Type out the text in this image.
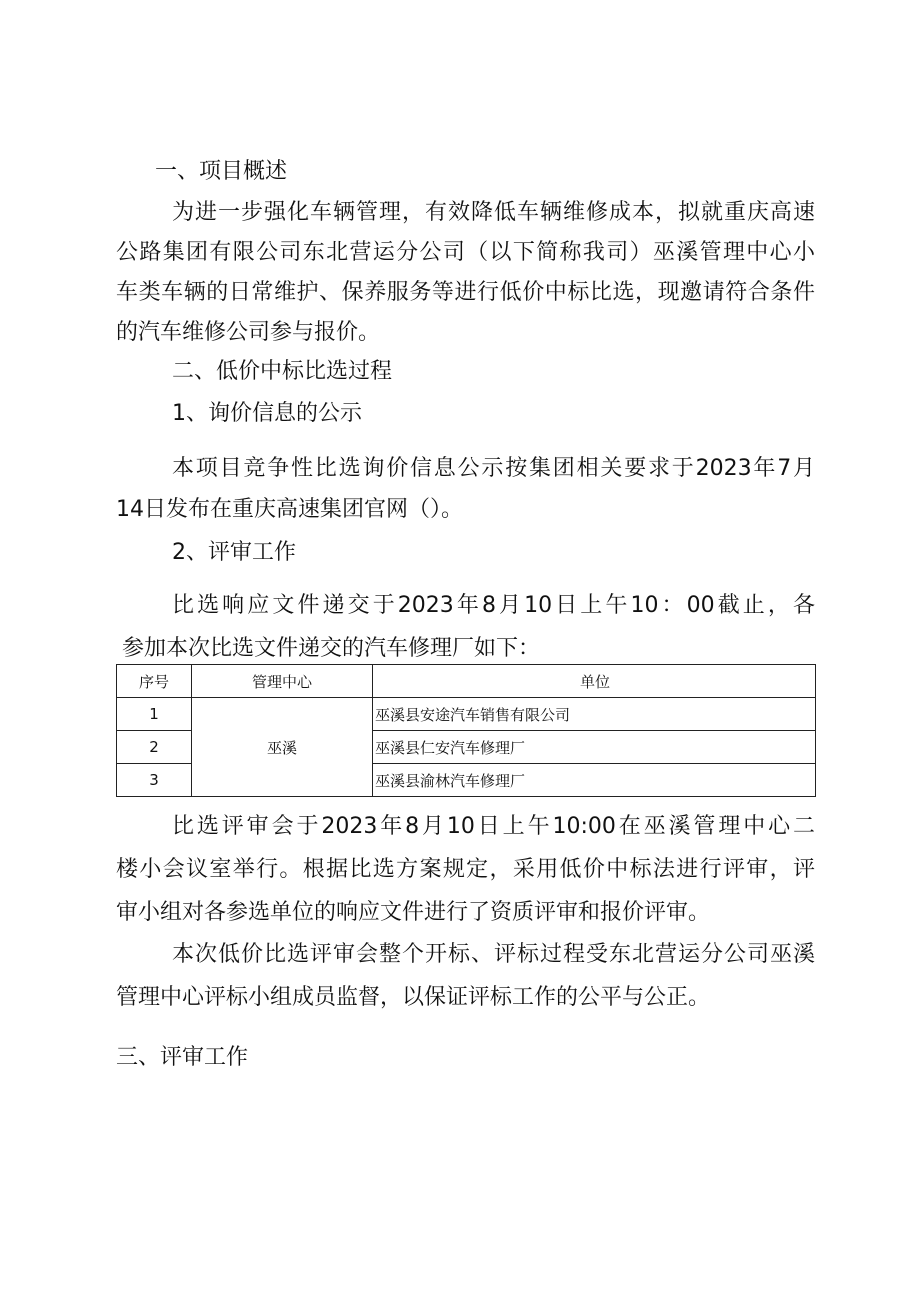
一、项目概述

为进一步强化车辆管理，有效降低车辆维修成本，拟就重庆高速

公路集团有限公司东北营运分公司（以下简称我司）巫溪管理中心小

车类车辆的日常维护、保养服务等进行低价中标比选，现邀请符合条件

的汽车维修公司参与报价。

二、低价中标比选过程

1、询价信息的公示

本项目竞争性比选询价信息公示按集团相关要求于2023年7月

14日发布在重庆高速集团官网（）。

2、评审工作

比选响应文件递交于2023年8月10日上午10：00截止，各

参加本次比选文件递交的汽车修理厂如下：

序号	管理中心	单位
1	巫溪	巫溪县安途汽车销售有限公司
2		巫溪县仁安汽车修理厂
3		巫溪县渝林汽车修理厂

比选评审会于2023年8月10日上午10:00在巫溪管理中心二

楼小会议室举行。根据比选方案规定，采用低价中标法进行评审，评

审小组对各参选单位的响应文件进行了资质评审和报价评审。

本次低价比选评审会整个开标、评标过程受东北营运分公司巫溪

管理中心评标小组成员监督，以保证评标工作的公平与公正。

三、评审工作
